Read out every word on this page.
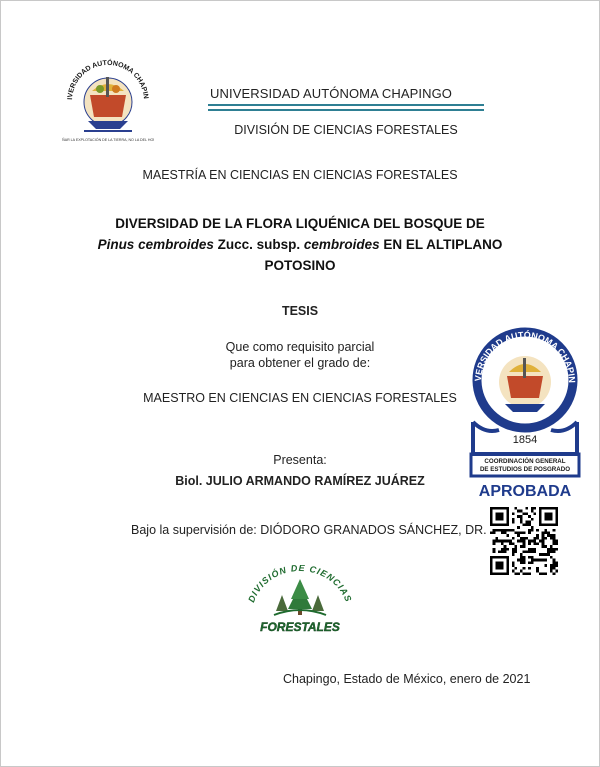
IVERSIDAD AUTÓNOMA CHAPIN
ÑAR LA EXPLOTACIÓN DE LA TIERRA, NO LA DEL HO
UNIVERSIDAD AUTÓNOMA CHAPINGO
DIVISIÓN DE CIENCIAS FORESTALES
MAESTRÍA EN CIENCIAS EN CIENCIAS FORESTALES
DIVERSIDAD DE LA FLORA LIQUÉNICA DEL BOSQUE DE Pinus cembroides Zucc. subsp. cembroides EN EL ALTIPLANO POTOSINO
TESIS
Que como requisito parcial
para obtener el grado de:
MAESTRO EN CIENCIAS EN CIENCIAS FORESTALES
Presenta:
Biol. JULIO ARMANDO RAMÍREZ JUÁREZ
Bajo la supervisión de: DIÓDORO GRANADOS SÁNCHEZ, DR.
VERSIDAD AUTÓNOMA CHAPIN
1854
COORDINACIÓN GENERAL
DE ESTUDIOS DE POSGRADO
APROBADA
DIVISIÓN DE CIENCIAS
FORESTALES
Chapingo, Estado de México, enero de 2021
